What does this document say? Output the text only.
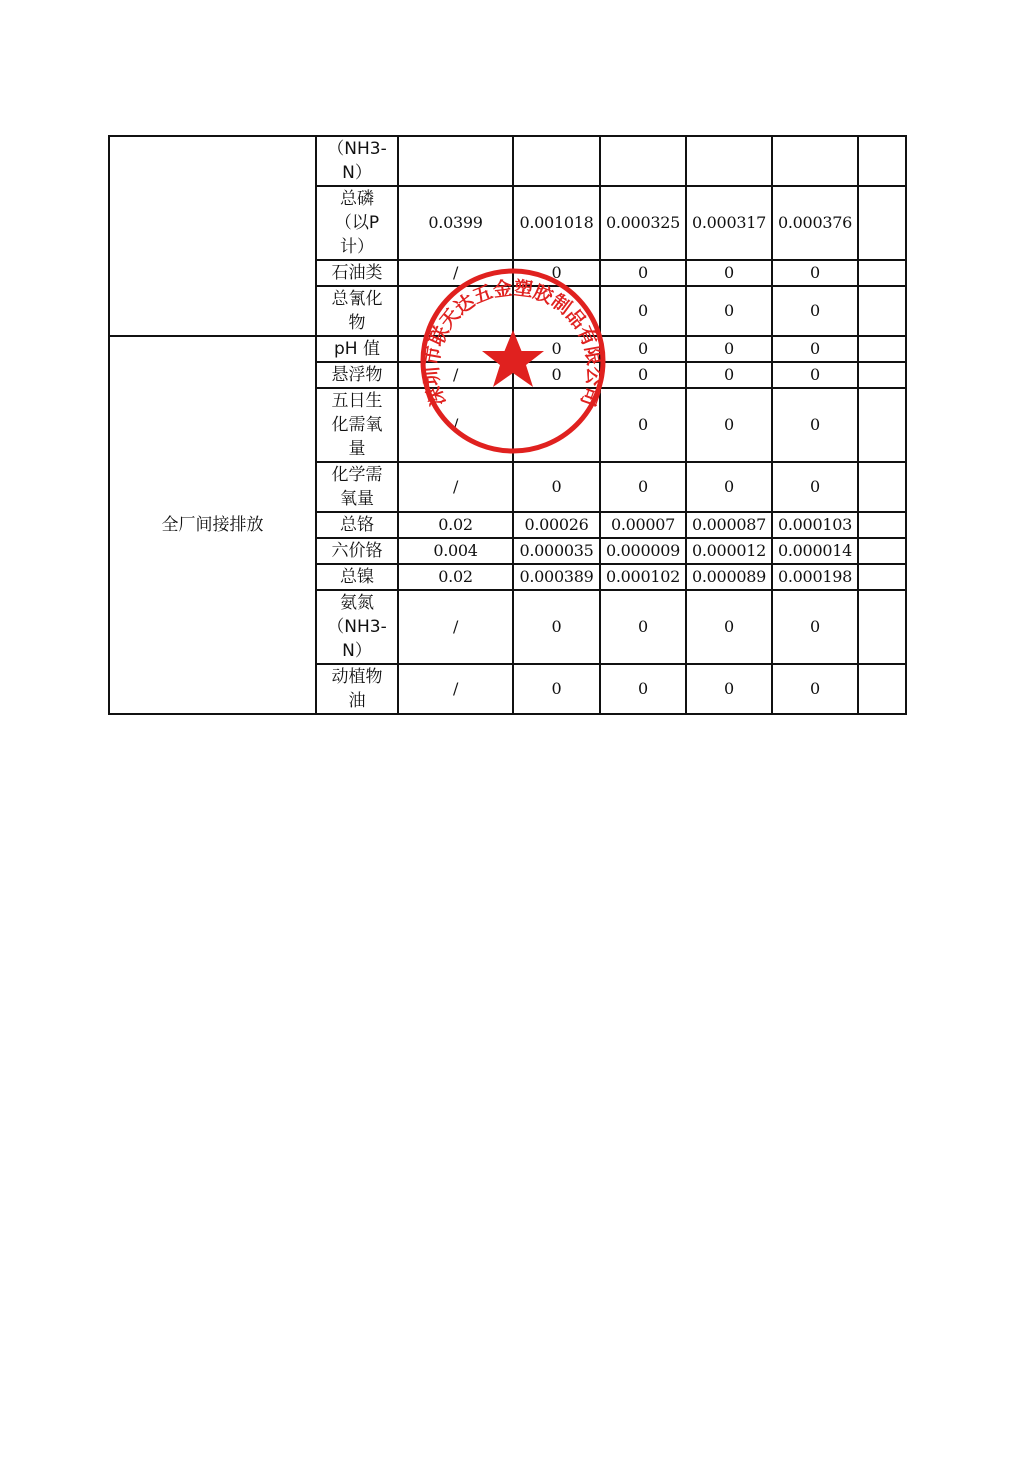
	（NH3-
N）						
	总磷
（以P
计）	0.0399	0.001018	0.000325	0.000317	0.000376	
	石油类	/	0	0	0	0	
	总氰化
物			0	0	0	
全厂间接排放	pH 值		0	0	0	0	
	悬浮物	/	0	0	0	0	
	五日生
化需氧
量	/		0	0	0	
	化学需
氧量	/	0	0	0	0	
	总铬	0.02	0.00026	0.00007	0.000087	0.000103	
	六价铬	0.004	0.000035	0.000009	0.000012	0.000014	
	总镍	0.02	0.000389	0.000102	0.000089	0.000198	
	氨氮
（NH3-
N）	/	0	0	0	0	
	动植物
油	/	0	0	0	0	
深圳市联天达五金塑胶制品有限公司
